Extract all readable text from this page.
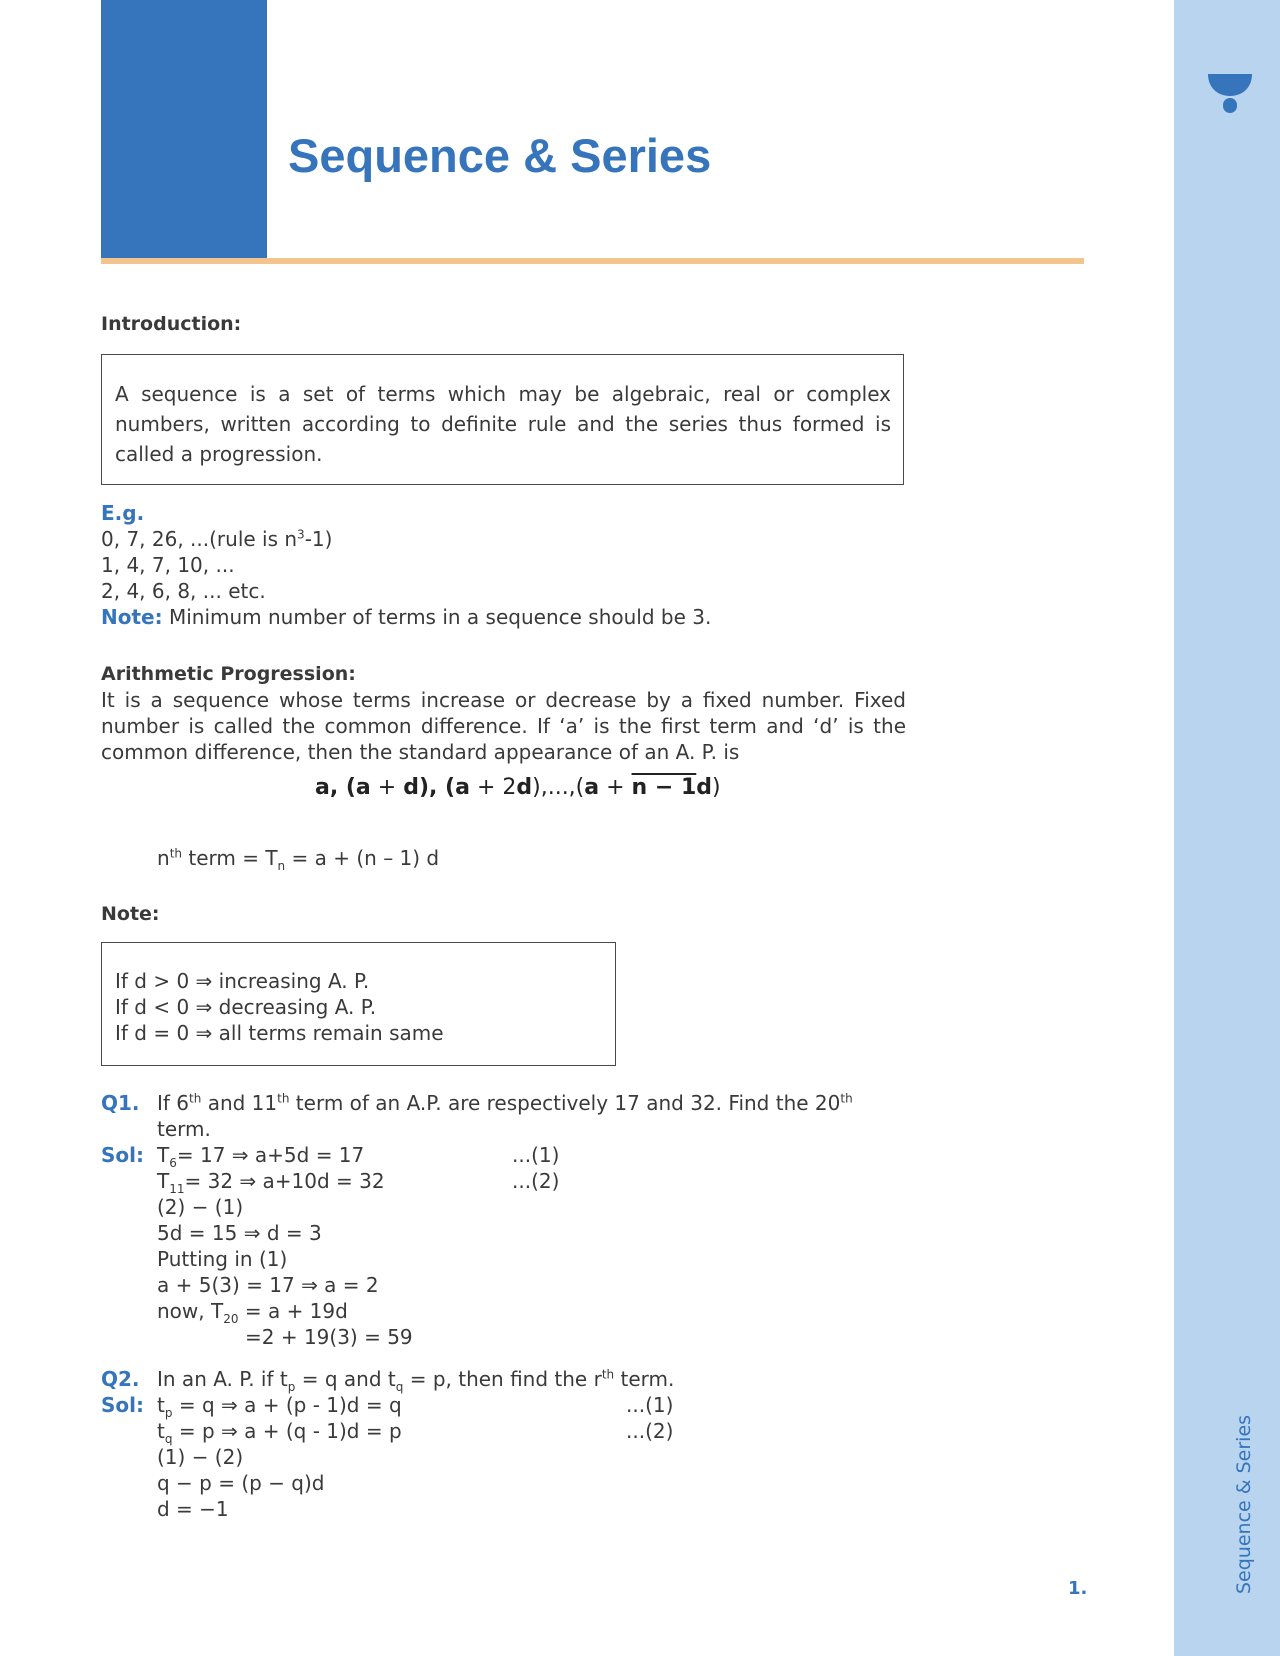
Sequence & Series
Sequence & Series
Introduction:

A sequence is a set of terms which may be algebraic, real or complex numbers, written according to definite rule and the series thus formed is called a progression.

E.g.
0, 7, 26, ...(rule is $n^3-1$)
1, 4, 7, 10, ...
2, 4, 6, 8, ... etc.
Note: Minimum number of terms in a sequence should be 3.
Arithmetic Progression:
It is a sequence whose terms increase or decrease by a fixed number. Fixed number is called the common difference. If ‘a’ is the first term and ‘d’ is the common difference, then the standard appearance of an A. P. is
a, (a + d), (a + 2d),...,(a + n − 1d)
$n^{th}$ term = $T_n = a + (n - 1)$ d
Note:

If d > 0 ⇒ increasing A. P.

If d < 0 ⇒ decreasing A. P.

If d = 0 ⇒ all terms remain same

Q1. If 6th and 11th term of an A.P. are respectively 17 and 32. Find the 20th
term.
Sol: $T_6= 17$ ⇒ a+5d = 17	...(1)
$T_{11}= 32$ ⇒ a+10d = 32	...(2)
(2) − (1)
5d = 15 ⇒ d = 3
Putting in (1)
a + 5(3) = 17 ⇒ a = 2
now, $T_{20} = a + 19d$
=2 + 19(3) = 59
Q2. In an A. P. if $t_p = q$ and $t_q = p$, then find the $r^{th}$ term.
Sol: $t_p = q$ ⇒ a + (p - 1)d = q	...(1)
$t_q = p$ ⇒ a + (q - 1)d = p	...(2)
(1) − (2)
q − p = (p − q)d
d = −1
1.
